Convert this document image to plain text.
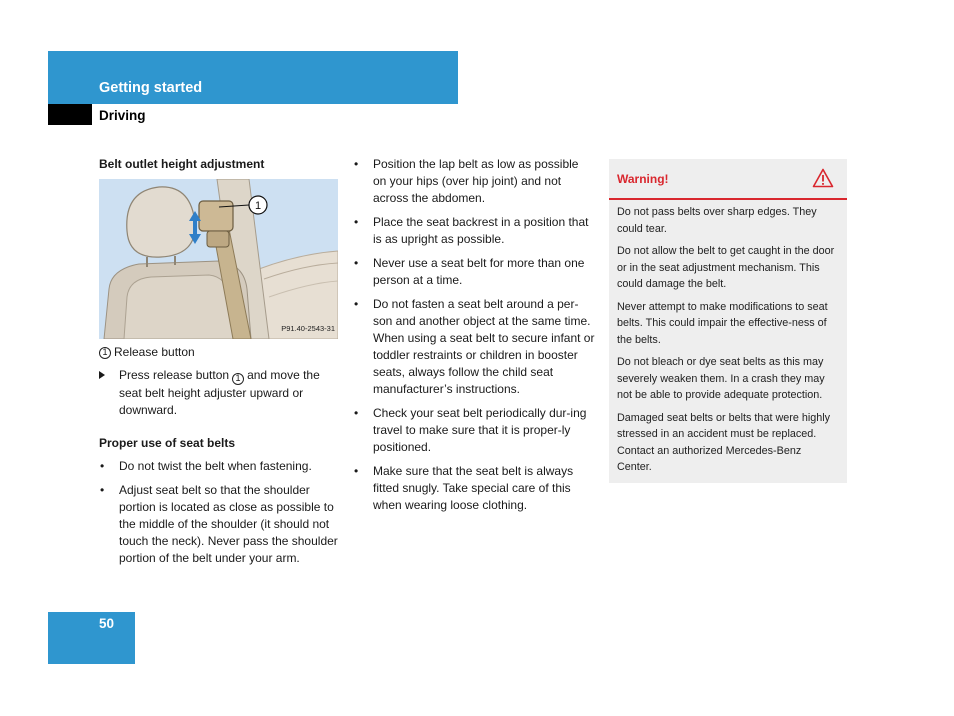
Getting started
Driving
Belt outlet height adjustment
1
P91.40-2543-31
1 Release button
Press release button 1 and move the seat belt height adjuster upward or downward.
Proper use of seat belts
• Do not twist the belt when fastening.
• Adjust seat belt so that the shoulder portion is located as close as possible to the middle of the shoulder (it should not touch the neck). Never pass the shoulder portion of the belt under your arm.
• Position the lap belt as low as possible on your hips (over hip joint) and not across the abdomen.
• Place the seat backrest in a position that is as upright as possible.
• Never use a seat belt for more than one person at a time.
• Do not fasten a seat belt around a per-son and another object at the same time. When using a seat belt to secure infant or toddler restraints or children in booster seats, always follow the child seat manufacturer’s instructions.
• Check your seat belt periodically dur-ing travel to make sure that it is proper-ly positioned.
• Make sure that the seat belt is always fitted snugly. Take special care of this when wearing loose clothing.
Warning!

Do not pass belts over sharp edges. They could tear.

Do not allow the belt to get caught in the door or in the seat adjustment mechanism. This could damage the belt.

Never attempt to make modifications to seat belts. This could impair the effective-ness of the belts.

Do not bleach or dye seat belts as this may severely weaken them. In a crash they may not be able to provide adequate protection.

Damaged seat belts or belts that were highly stressed in an accident must be replaced. Contact an authorized Mercedes-Benz Center.

50
